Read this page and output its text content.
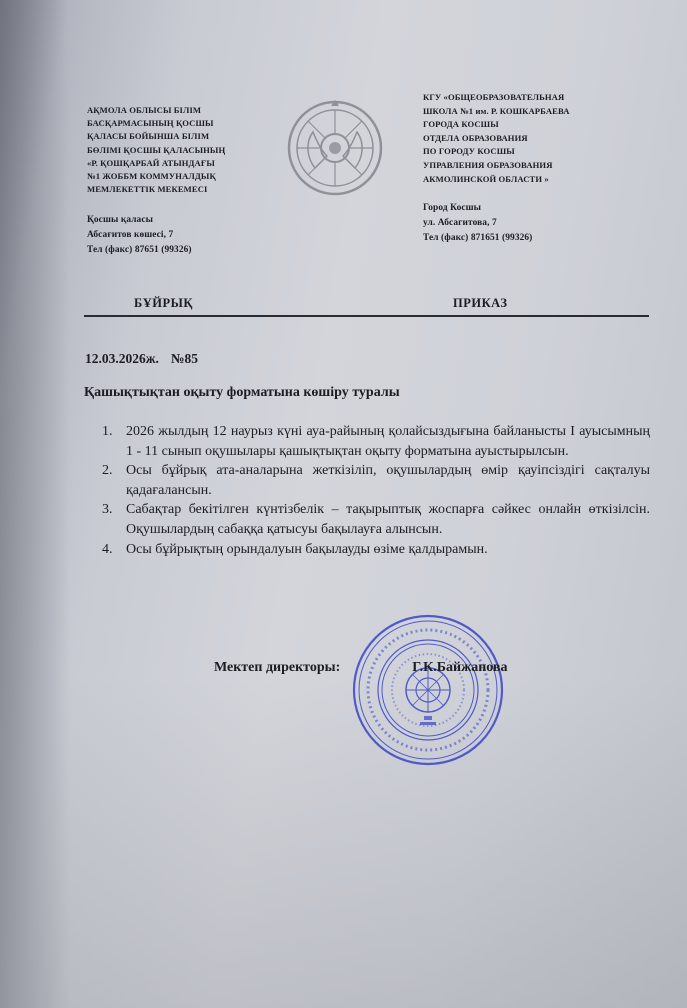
АҚМОЛА ОБЛЫСЫ БІЛІМ
БАСҚАРМАСЫНЫҢ ҚОСШЫ
ҚАЛАСЫ БОЙЫНША БІЛІМ
БӨЛІМІ ҚОСШЫ ҚАЛАСЫНЫҢ
«Р. ҚОШҚАРБАЙ АТЫНДАҒЫ
№1 ЖОББМ КОММУНАЛДЫҚ
МЕМЛЕКЕТТІК МЕКЕМЕСІ
Қосшы қаласы
Абсағитов көшесі, 7
Тел (факс) 87651 (99326)
КГУ «ОБЩЕОБРАЗОВАТЕЛЬНАЯ
ШКОЛА №1 им. Р. КОШКАРБАЕВА
ГОРОДА КОСШЫ
ОТДЕЛА ОБРАЗОВАНИЯ
ПО ГОРОДУ КОСШЫ
УПРАВЛЕНИЯ ОБРАЗОВАНИЯ
АКМОЛИНСКОЙ ОБЛАСТИ »
Город Косшы
ул. Абсагитова, 7
Тел (факс) 871651 (99326)
БҰЙРЫҚ	ПРИКАЗ
12.03.2026ж. №85
Қашықтықтан оқыту форматына көшіру туралы
1. 2026 жылдың 12 наурыз күні ауа-райының қолайсыздығына байланысты І ауысымның 1 - 11 сынып оқушылары қашықтықтан оқыту форматына ауыстырылсын.
2. Осы бұйрық ата-аналарына жеткізіліп, оқушылардың өмір қауіпсіздігі сақталуы қадағалансын.
3. Сабақтар бекітілген күнтізбелік – тақырыптық жоспарға сәйкес онлайн өткізілсін. Оқушылардың сабаққа қатысуы бақылауға алынсын.
4. Осы бұйрықтың орындалуын бақылауды өзіме қалдырамын.
Мектеп директоры:	Г.К.Байжанова
